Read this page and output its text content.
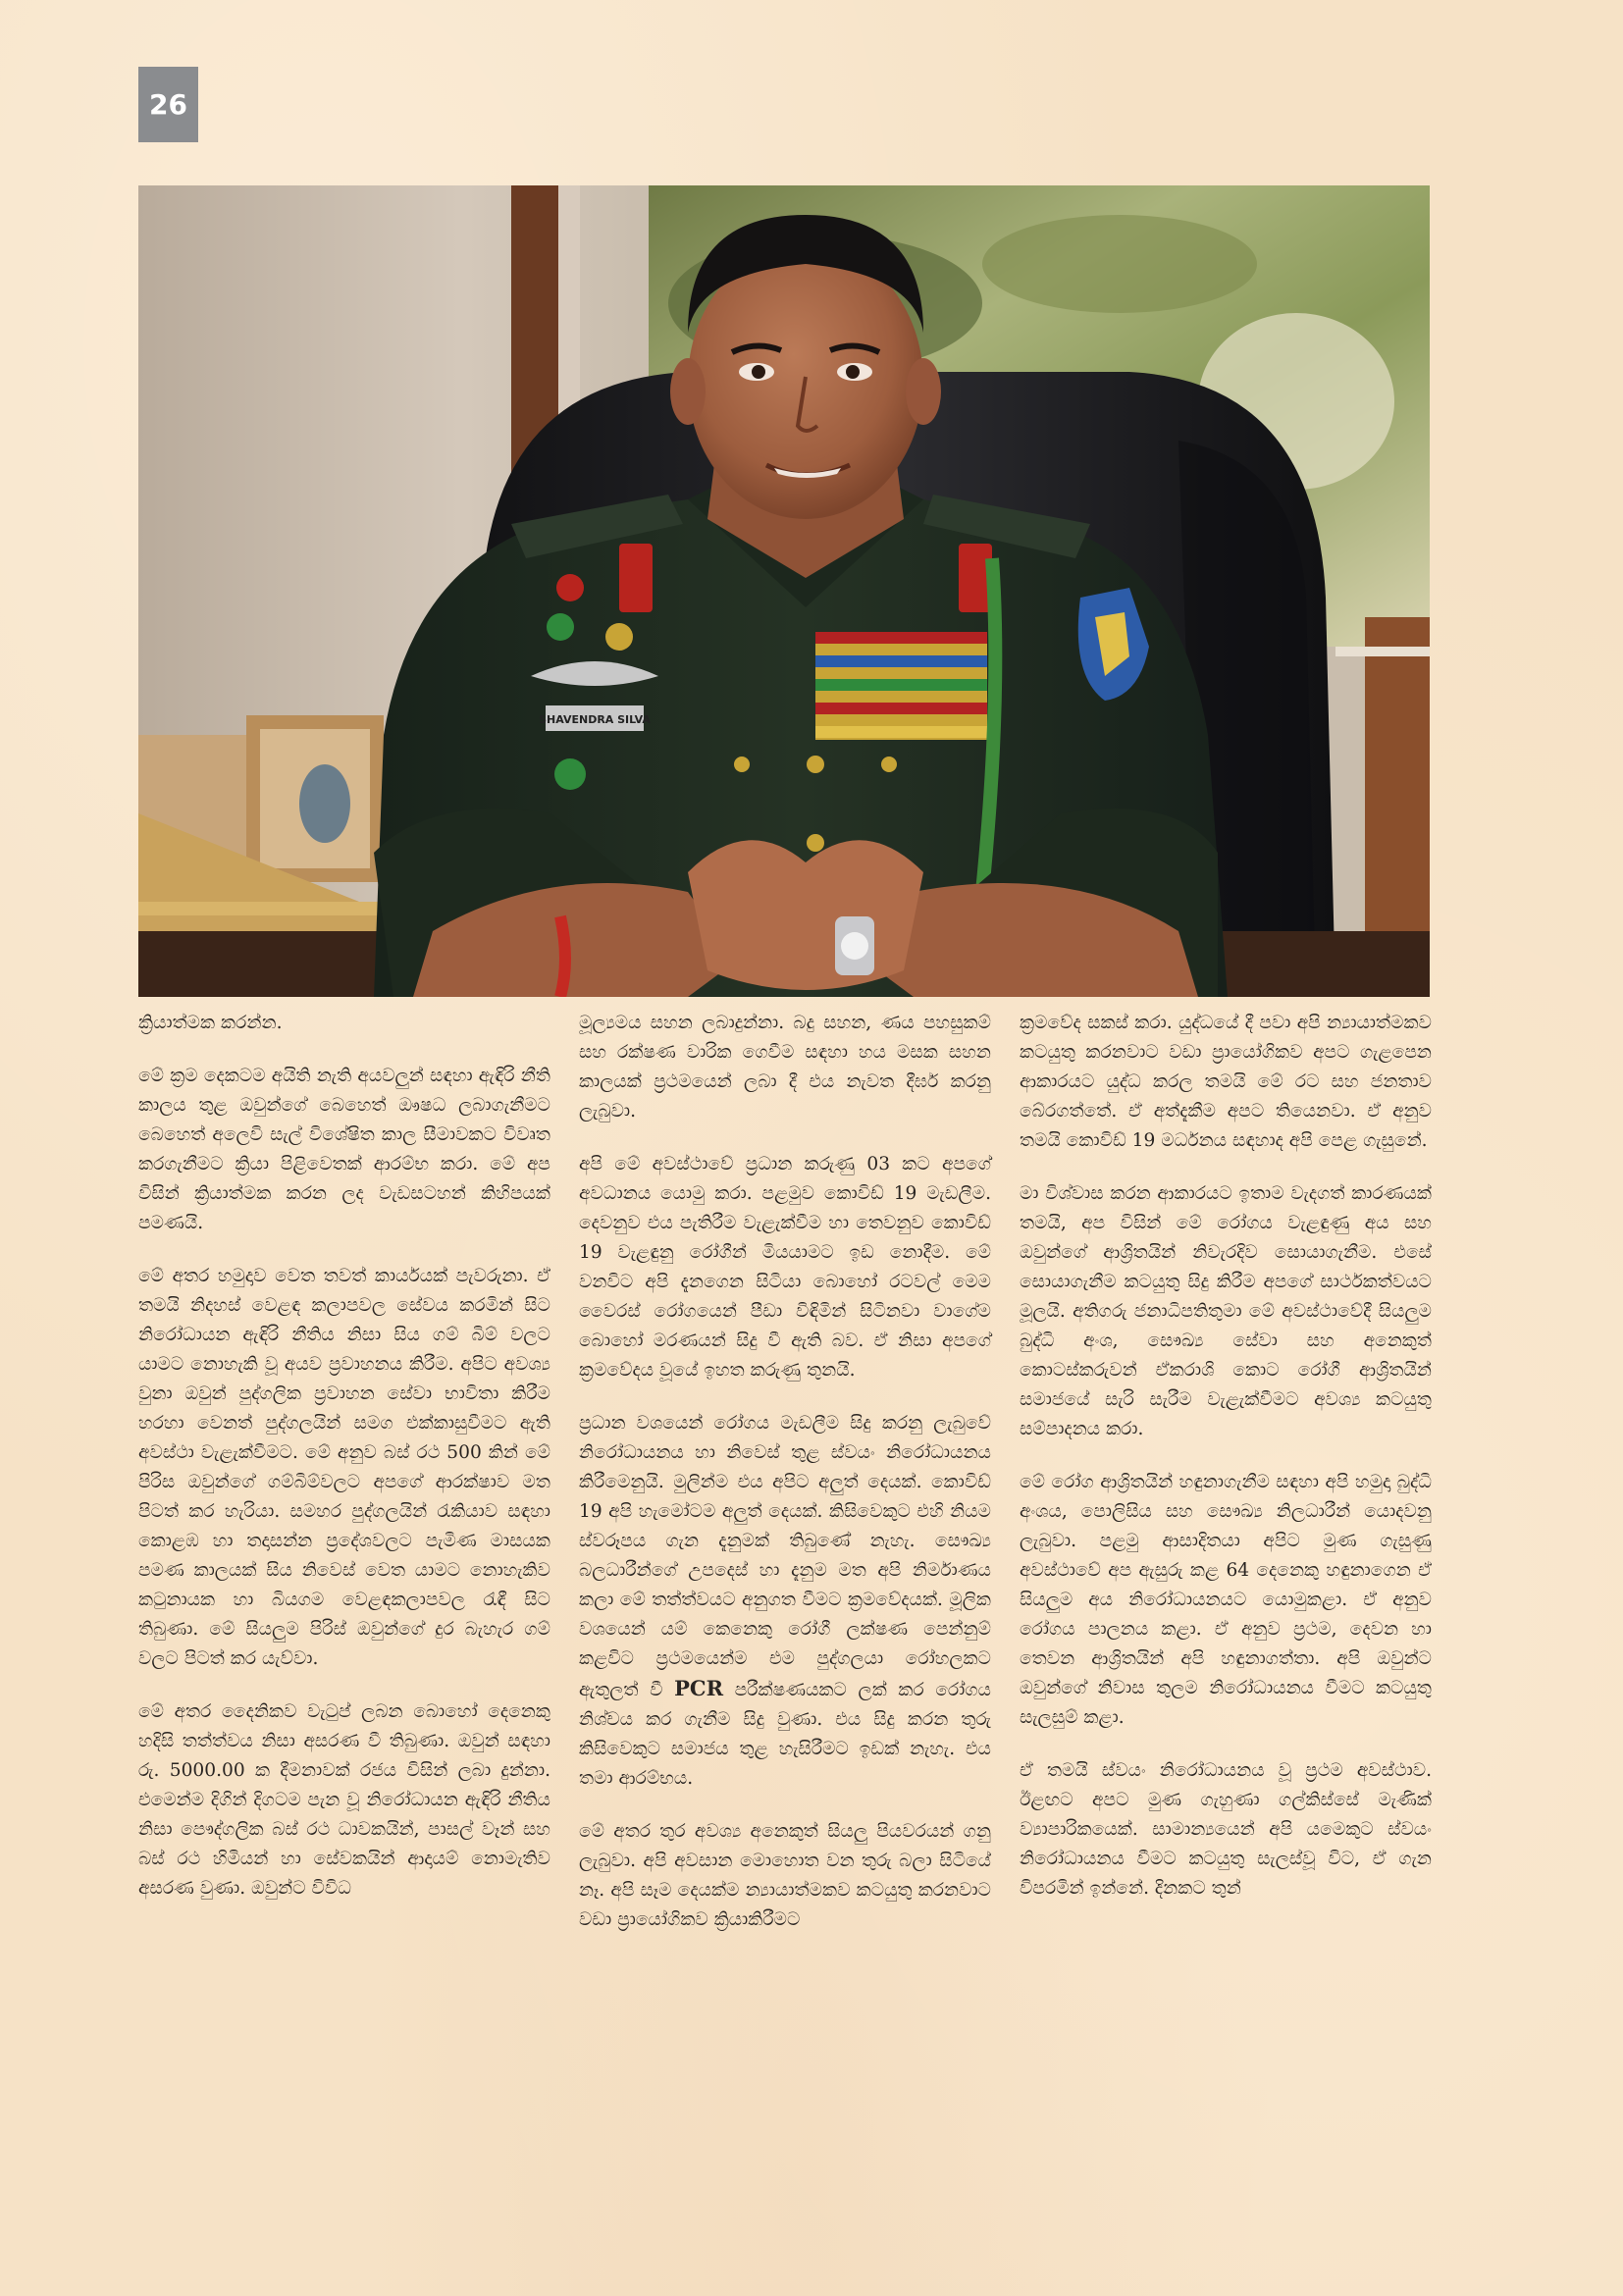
26
SHAVENDRA SILVA

ක්‍රියාත්මක කරන්න.

මේ ක්‍රම දෙකටම අයිති නැති අයවලුන් සඳහා ඇඳිරි නීති කාලය තුළ ඔවුන්ගේ බෙහෙත් ඖෂධ ලබාගැනීමට බෙහෙත් අලෙවි සැල් විශේෂිත කාල සීමාවකට විවෘත කරගැනීමට ක්‍රියා පිළිවෙතක් ආරම්භ කරා. මේ අප විසින් ක්‍රියාත්මක කරන ලද වැඩසටහන් කිහිපයක් පමණයි.

මේ අතර හමුදාව වෙත තවත් කාර්යයක් පැවරුනා. ඒ තමයි නිදහස් වෙළඳ කලාපවල සේවය කරමින් සිට නිරෝධායන ඇඳිරි නීතිය නිසා සිය ගම් බිම් වලට යාමට නොහැකි වූ අයව ප්‍රවාහනය කිරීම. අපිට අවශ්‍ය වුනා ඔවුන් පුද්ගලික ප්‍රවාහන සේවා භාවිතා කිරීම හරහා වෙනත් පුද්ගලයින් සමග එක්කාසුවීමට ඇති අවස්ථා වැළැක්වීමට. මේ අනුව බස් රථ 500 කින් මේ පිරිස ඔවුන්ගේ ගම්බිම්වලට අපගේ ආරක්ෂාව මත පිටත් කර හැරියා. සමහර පුද්ගලයින් රැකියාව සඳහා කොළඹ හා තදාසන්න ප්‍රදේශවලට පැමිණ මාසයක පමණ කාලයක් සිය නිවෙස් වෙත යාමට නොහැකිව කටුනායක හා බියගම වෙළඳකලාපවල රැඳී සිට තිබුණා. මේ සියලුම පිරිස් ඔවුන්ගේ දුර බැහැර ගම් වලට පිටත් කර යැව්වා.

මේ අතර දෛනිකව වැටුප් ලබන බොහෝ දෙනෙකු හදිසි තත්ත්වය නිසා අසරණ වී තිබුණා. ඔවුන් සඳහා රු. 5000.00 ක දීමනාවක් රජය විසින් ලබා දුන්නා. එමෙන්ම දිගින් දිගටම පැන වූ නිරෝධායන ඇඳිරි නීතිය නිසා පෞද්ගලික බස් රථ ධාවකයින්, පාසල් වෑන් සහ බස් රථ හිමියන් හා සේවකයින් ආදායම් නොමැතිව අසරණ වුණා. ඔවුන්ට විවිධ

මූල්‍යමය සහන ලබාදුන්නා. බදු සහන, ණය පහසුකම් සහ රක්ෂණ වාරික ගෙවීම සඳහා හය මසක සහන කාලයක් ප්‍රථමයෙන් ලබා දී එය නැවත දීර්ඝ කරනු ලැබුවා.

අපි මේ අවස්ථාවේ ප්‍රධාන කරුණු 03 කට අපගේ අවධානය යොමු කරා. පළමුව කොවිඩ් 19 මැඩලීම. දෙවනුව එය පැතිරීම වැළැක්වීම හා තෙවනුව කොවිඩ් 19 වැළඳුනු රෝගීන් මියයාමට ඉඩ නොදීම. මේ වනවිට අපි දැනගෙන සිටියා බොහෝ රටවල් මෙම වෛරස් රෝගයෙන් පීඩා විඳිමින් සිටිනවා වාගේම බොහෝ මරණයන් සිදු වී ඇති බව. ඒ නිසා අපගේ ක්‍රමවේදය වූයේ ඉහත කරුණු තුනයි.

ප්‍රධාන වශයෙන් රෝගය මැඩලීම සිදු කරනු ලැබුවේ නිරෝධායනය හා නිවෙස් තුළ ස්වයං නිරෝධායනය කිරීමෙනුයි. මුලින්ම එය අපිට අලුත් දෙයක්. කොවිඩ් 19 අපි හැමෝටම අලුත් දෙයක්. කිසිවෙකුට එහි නියම ස්වරූපය ගැන දැනුමක් තිබුණේ නැහැ. සෞඛ්‍ය බලධාරීන්ගේ උපදෙස් හා දැනුම මත අපි නිර්මාණය කලා මේ තත්ත්වයට අනුගත වීමට ක්‍රමවේදයක්. මූලික වශයෙන් යම් කෙනෙකු රෝගී ලක්ෂණ පෙන්නුම් කළවිට ප්‍රථමයෙන්ම එම පුද්ගලයා රෝහලකට ඇතුලත් වී PCR පරීක්ෂණයකට ලක් කර රෝගය නිශ්චය කර ගැනීම සිදු වුණා. එය සිදු කරන තුරු කිසිවෙකුට සමාජය තුළ හැසිරීමට ඉඩක් නැහැ. එය තමා ආරම්භය.

මේ අතර තුර අවශ්‍ය අනෙකුත් සියලු පියවරයන් ගනු ලැබුවා. අපි අවසාන මොහොත වන තුරු බලා සිටියේ නෑ. අපි සෑම දෙයක්ම න්‍යායාත්මකව කටයුතු කරනවාට වඩා ප්‍රායෝගිකව ක්‍රියාකිරීමට

ක්‍රමවේද සකස් කරා. යුද්ධයේ දී පවා අපි න්‍යායාත්මකව කටයුතු කරනවාට වඩා ප්‍රායෝගිකව අපට ගැළපෙන ආකාරයට යුද්ධ කරල තමයි මේ රට සහ ජනතාව බේරගත්තේ. ඒ අත්දැකීම අපට තියෙනවා. ඒ අනුව තමයි කොවිඩ් 19 මර්ධනය සඳහාද අපි පෙළ ගැසුනේ.

මා විශ්වාස කරන ආකාරයට ඉතාම වැදගත් කාරණයක් තමයි, අප විසින් මේ රෝගය වැළඳුණු අය සහ ඔවුන්ගේ ආශ්‍රිතයින් නිවැරදිව සොයාගැනීම. එසේ සොයාගැනීම කටයුතු සිදු කිරීම අපගේ සාර්ථකත්වයට මූලයි. අතිගරු ජනාධිපතිතුමා මේ අවස්ථාවේදී සියලුම බුද්ධි අංශ, සෞඛ්‍ය සේවා සහ අනෙකුත් කොටස්කරුවන් ඒකරාශි කොට රෝගී ආශ්‍රිතයින් සමාජයේ සැරි සැරීම වැළැක්වීමට අවශ්‍ය කටයුතු සම්පාදනය කරා.

මේ රෝග ආශ්‍රිතයින් හඳුනාගැනීම සඳහා අපි හමුදා බුද්ධි අංශය, පොලිසිය සහ සෞඛ්‍ය නිලධාරීන් යොදවනු ලැබුවා. පළමු ආසාදිතයා අපිට මුණ ගැසුණු අවස්ථාවේ අප ඇසුරු කළ 64 දෙනෙකු හඳුනාගෙන ඒ සියලුම අය නිරෝධායනයට යොමුකළා. ඒ අනුව රෝගය පාලනය කළා. ඒ අනුව ප්‍රථම, දෙවන හා තෙවන ආශ්‍රිතයින් අපි හඳුනාගත්තා. අපි ඔවුන්ට ඔවුන්ගේ නිවාස තුලම නිරෝධායනය වීමට කටයුතු සැලසුම් කළා.

ඒ තමයි ස්වයං නිරෝධායනය වූ ප්‍රථම අවස්ථාව. ඊළඟට අපට මුණ ගැහුණා ගල්කිස්සේ මැණික් ව්‍යාපාරිකයෙක්. සාමාන්‍යයෙන් අපි යමෙකුට ස්වයං නිරෝධායනය වීමට කටයුතු සැලස්වූ විට, ඒ ගැන විපරමින් ඉන්නේ. දිනකට තුන්
